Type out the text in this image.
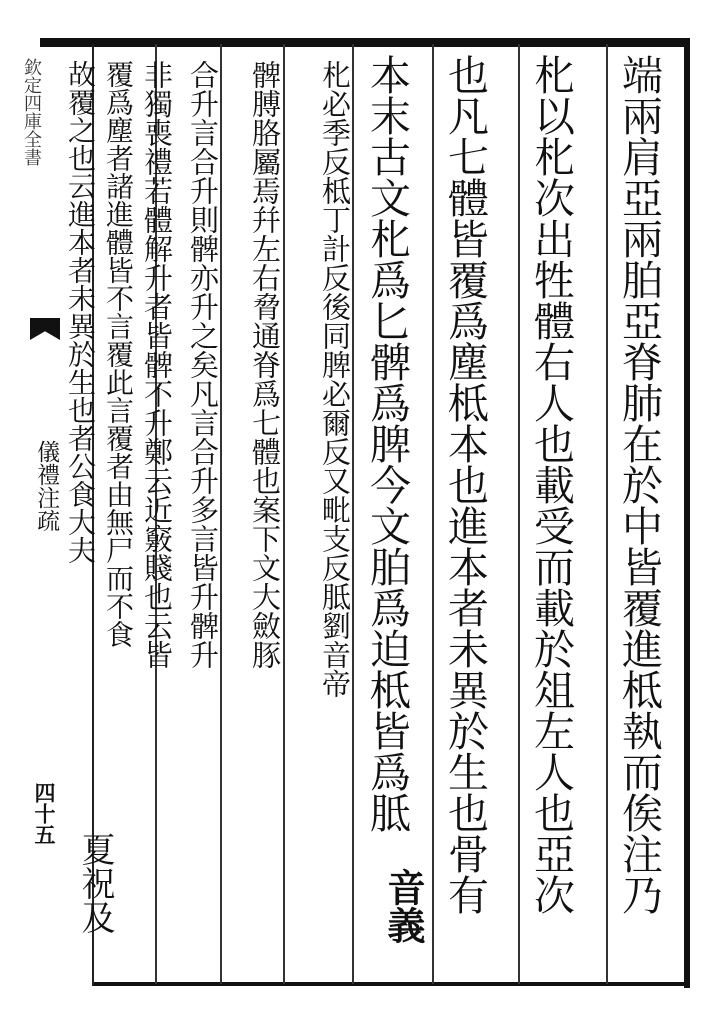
欽定四庫全書
儀禮注疏
四十五	端兩肩亞兩胉亞脊肺在於中皆覆進柢執而俟注乃
朼以朼次出牲體右人也載受而載於俎左人也亞次
也凡七體皆覆爲塵柢本也進本者未異於生也骨有
本末古文朼爲匕髀爲脾今文胉爲迫柢皆爲胝
音義
朼必季反柢丁計反後同脾必爾反又毗支反胝劉音帝
髀膊胳屬焉幷左右脅通脊爲七體也案下文大斂豚
合升言合升則髀亦升之矣凡言合升多言皆升髀升
非獨喪禮若體解升者皆髀不升鄭云近竅賤也云皆
覆爲塵者諸進體皆不言覆此言覆者由無尸而不食
故覆之也云進本者未異於生也者公食大夫
夏祝及
